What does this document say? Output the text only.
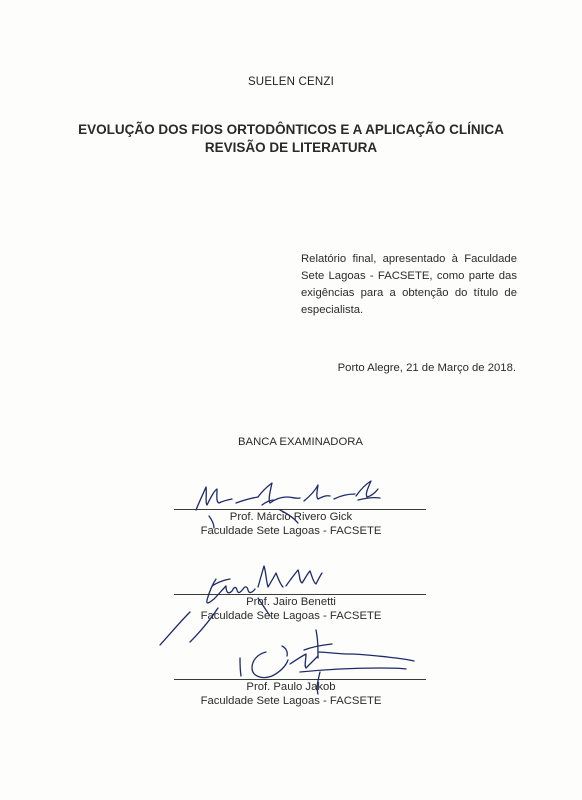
SUELEN CENZI
EVOLUÇÃO DOS FIOS ORTODÔNTICOS E A APLICAÇÃO CLÍNICA
REVISÃO DE LITERATURA
Relatório final, apresentado à Faculdade Sete Lagoas - FACSETE, como parte das exigências para a obtenção do título de especialista.
Porto Alegre, 21 de Março de 2018.
BANCA EXAMINADORA
Prof. Márcio Rivero Gick
Faculdade Sete Lagoas - FACSETE
Prof. Jairo Benetti
Faculdade Sete Lagoas - FACSETE
Prof. Paulo Jakob
Faculdade Sete Lagoas - FACSETE
